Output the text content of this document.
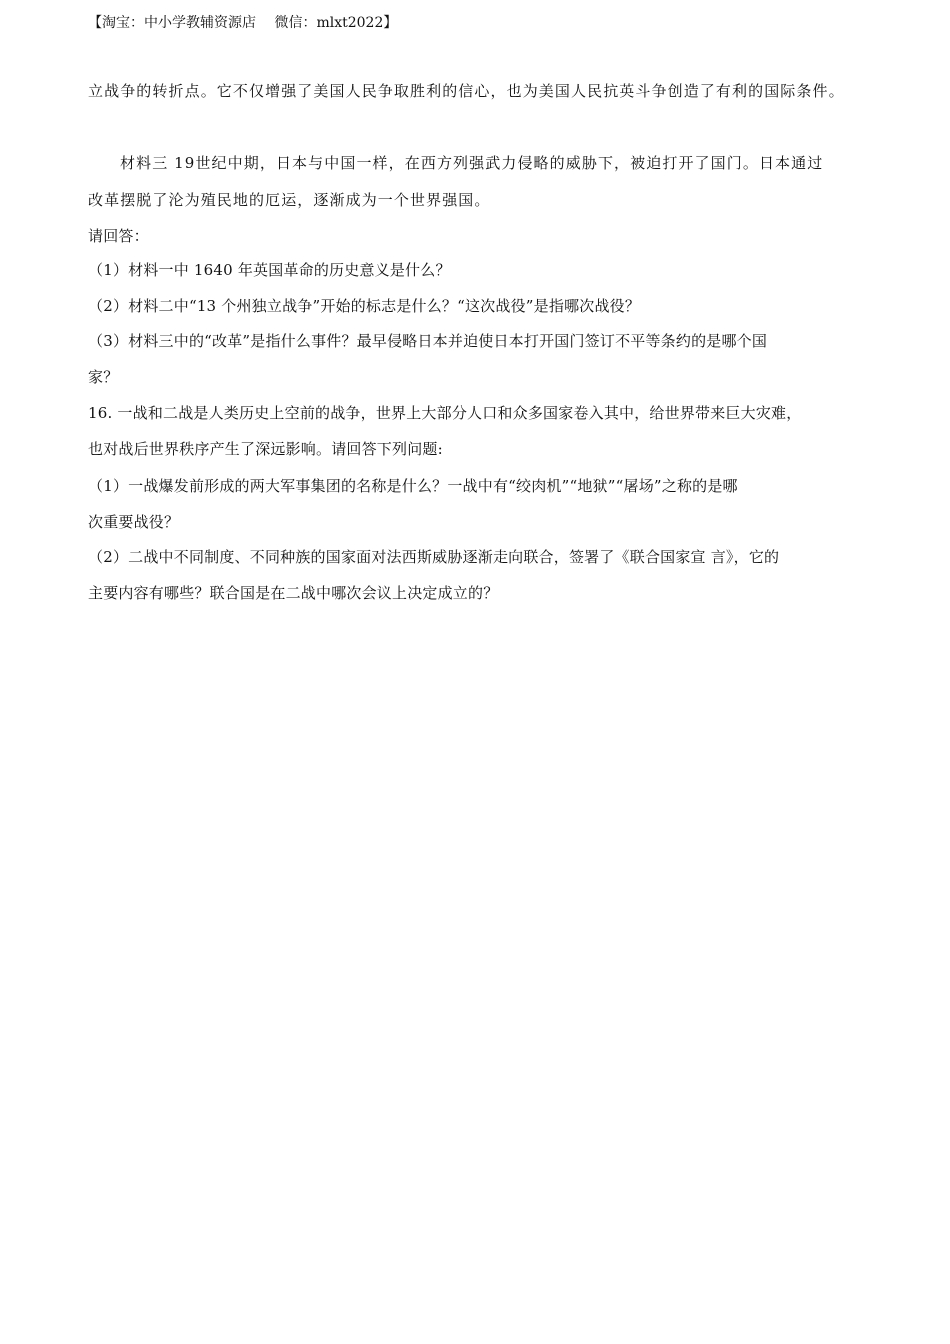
【淘宝：中小学教辅资源店　 微信：mlxt2022】
立战争的转折点。它不仅增强了美国人民争取胜利的信心，也为美国人民抗英斗争创造了有利的国际条件。
材料三 19世纪中期，日本与中国一样，在西方列强武力侵略的威胁下，被迫打开了国门。日本通过
改革摆脱了沦为殖民地的厄运，逐渐成为一个世界强国。
请回答：
（1）材料一中 1640 年英国革命的历史意义是什么？
（2）材料二中“13 个州独立战争”开始的标志是什么？“这次战役”是指哪次战役？
（3）材料三中的“改革”是指什么事件？最早侵略日本并迫使日本打开国门签订不平等条约的是哪个国
家？
16. 一战和二战是人类历史上空前的战争，世界上大部分人口和众多国家卷入其中，给世界带来巨大灾难，
也对战后世界秩序产生了深远影响。请回答下列问题:
（1）一战爆发前形成的两大军事集团的名称是什么？一战中有“绞肉机”“地狱”“屠场”之称的是哪
次重要战役？
（2）二战中不同制度、不同种族的国家面对法西斯威胁逐渐走向联合，签署了《联合国家宣 言》，它的
主要内容有哪些？联合国是在二战中哪次会议上决定成立的？
